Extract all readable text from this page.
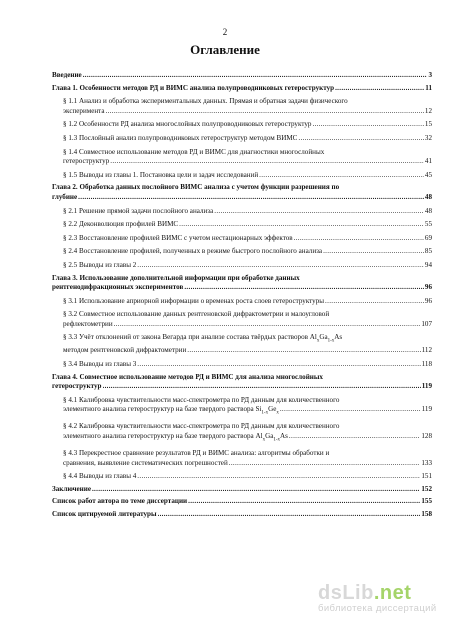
2
Оглавление
Введение .....	3
Глава 1. Особенности методов РД и ВИМС анализа полупроводниковых гетероструктур .....	11
§ 1.1 Анализ и обработка экспериментальных данных. Прямая и обратная задачи физического
эксперимента .....	12
§ 1.2 Особенности РД анализа многослойных полупроводниковых гетероструктур .....	15
§ 1.3 Послойный анализ полупроводниковых гетероструктур методом ВИМС .....	32
§ 1.4 Совместное использование методов РД и ВИМС для диагностики многослойных
гетероструктур .....	41
§ 1.5 Выводы из главы 1. Постановка цели и задач исследований .....	45
Глава 2. Обработка данных послойного ВИМС анализа с учетом функции разрешения по
глубине .....	48
§ 2.1 Решение прямой задачи послойного анализа .....	48
§ 2.2 Деконволюция профилей ВИМС .....	55
§ 2.3 Восстановление профилей ВИМС с учетом нестационарных эффектов .....	69
§ 2.4 Восстановление профилей, полученных в режиме быстрого послойного анализа .....	85
§ 2.5 Выводы из главы 2 .....	94
Глава 3. Использование дополнительной информации при обработке данных
рентгенодифракционных экспериментов .....	96
§ 3.1 Использование априорной информации о временах роста слоев гетероструктуры .....	96
§ 3.2 Совместное использование данных рентгеновской дифрактометрии и малоугловой
рефлектометрии .....	107
§ 3.3 Учёт отклонений от закона Вегарда при анализе состава твёрдых растворов $Al_xGa_{1-x}As$
методом рентгеновской дифрактометрии .....	112
§ 3.4 Выводы из главы 3 .....	118
Глава 4. Совместное использование методов РД и ВИМС для анализа многослойных
гетероструктур .....	119
§ 4.1 Калибровка чувствительности масс-спектрометра по РД данным для количественного
элементного анализа гетероструктур на базе твердого раствора $Si_{1-x}Ge_x$ .....	119
§ 4.2 Калибровка чувствительности масс-спектрометра по РД данным для количественного
элементного анализа гетероструктур на базе твердого раствора $Al_xGa_{1-x}As$ .....	128
§ 4.3 Перекрестное сравнение результатов РД и ВИМС анализа: алгоритмы обработки и
сравнения, выявление систематических погрешностей .....	133
§ 4.4 Выводы из главы 4 .....	151
Заключение .....	152
Список работ автора по теме диссертации .....	155
Список цитируемой литературы .....	158
dsLib.net
библиотека диссертаций
